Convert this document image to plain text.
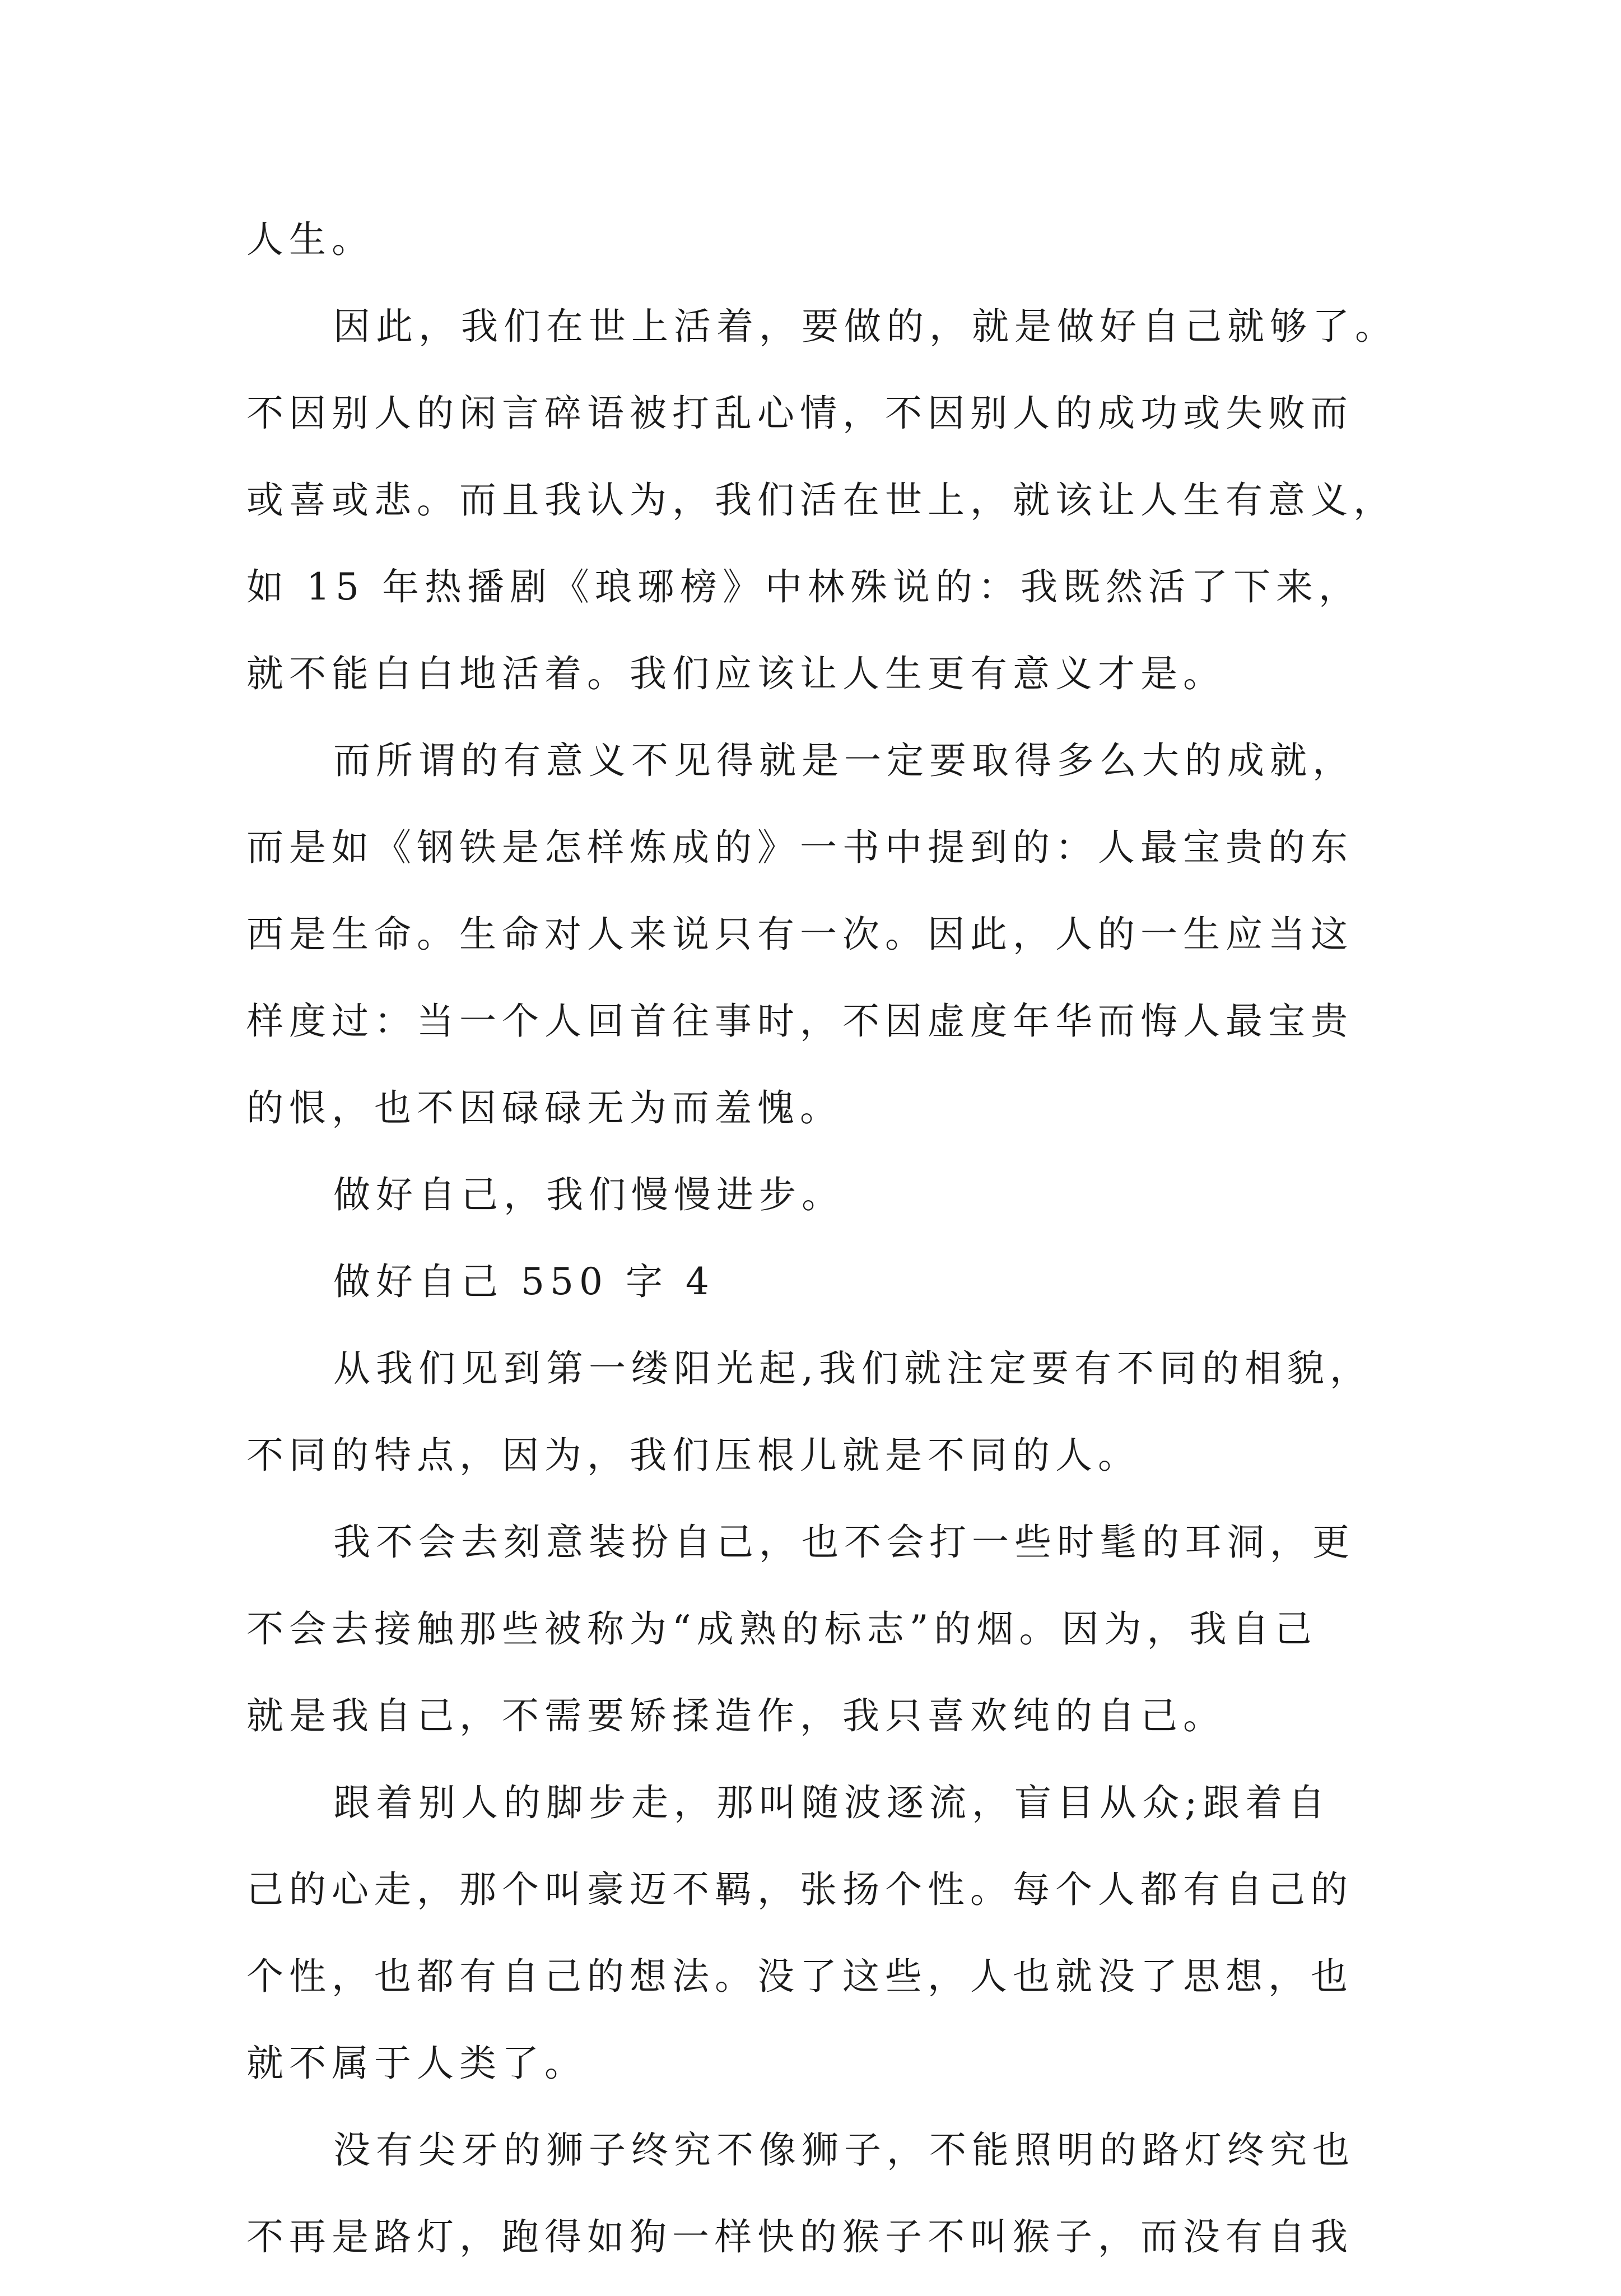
人生。
因此，我们在世上活着，要做的，就是做好自己就够了。
不因别人的闲言碎语被打乱心情，不因别人的成功或失败而
或喜或悲。而且我认为，我们活在世上，就该让人生有意义，
如 15 年热播剧《琅琊榜》中林殊说的：我既然活了下来，
就不能白白地活着。我们应该让人生更有意义才是。
而所谓的有意义不见得就是一定要取得多么大的成就，
而是如《钢铁是怎样炼成的》一书中提到的：人最宝贵的东
西是生命。生命对人来说只有一次。因此，人的一生应当这
样度过：当一个人回首往事时，不因虚度年华而悔人最宝贵
的恨，也不因碌碌无为而羞愧。
做好自己，我们慢慢进步。
做好自己 550 字 4
从我们见到第一缕阳光起,我们就注定要有不同的相貌，
不同的特点，因为，我们压根儿就是不同的人。
我不会去刻意装扮自己，也不会打一些时髦的耳洞，更
不会去接触那些被称为“成熟的标志”的烟。因为，我自己
就是我自己，不需要矫揉造作，我只喜欢纯的自己。
跟着别人的脚步走，那叫随波逐流，盲目从众;跟着自
己的心走，那个叫豪迈不羁，张扬个性。每个人都有自己的
个性，也都有自己的想法。没了这些，人也就没了思想，也
就不属于人类了。
没有尖牙的狮子终究不像狮子，不能照明的路灯终究也
不再是路灯，跑得如狗一样快的猴子不叫猴子，而没有自我
